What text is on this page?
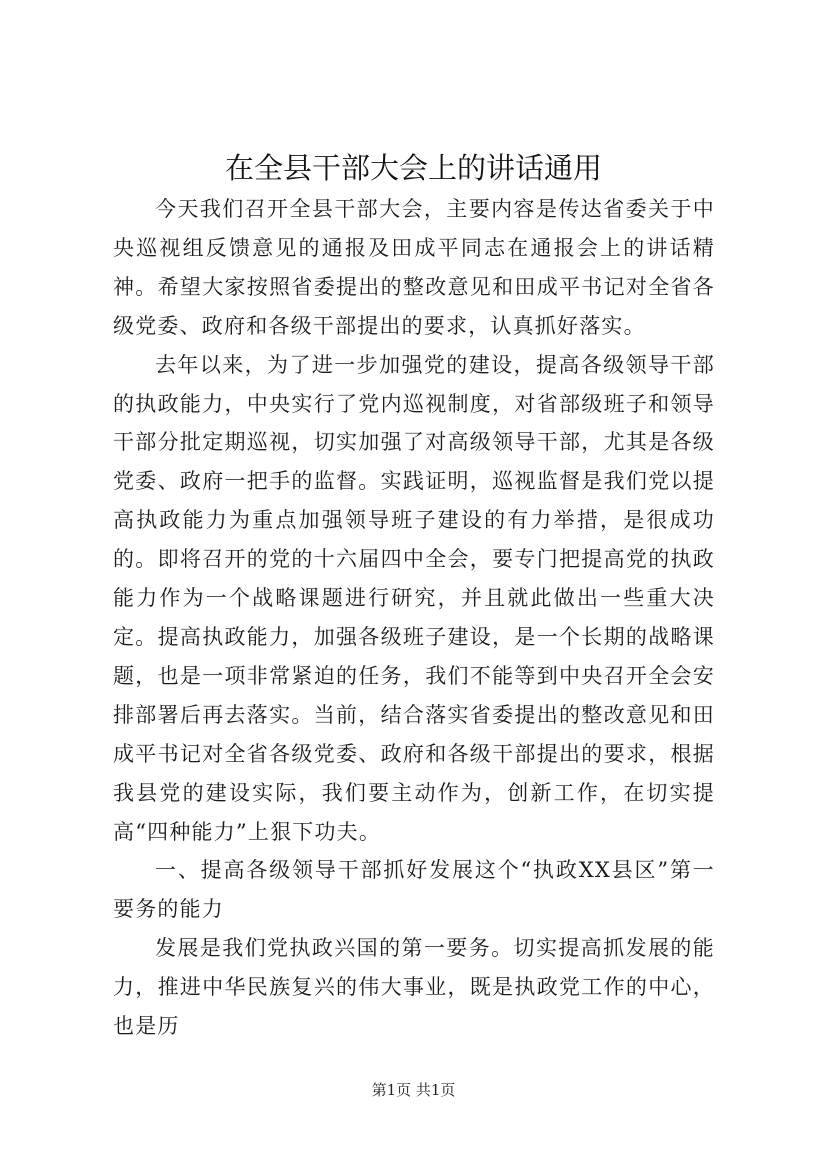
在全县干部大会上的讲话通用

今天我们召开全县干部大会，主要内容是传达省委关于中央巡视组反馈意见的通报及田成平同志在通报会上的讲话精神。希望大家按照省委提出的整改意见和田成平书记对全省各级党委、政府和各级干部提出的要求，认真抓好落实。

去年以来，为了进一步加强党的建设，提高各级领导干部的执政能力，中央实行了党内巡视制度，对省部级班子和领导干部分批定期巡视，切实加强了对高级领导干部，尤其是各级党委、政府一把手的监督。实践证明，巡视监督是我们党以提高执政能力为重点加强领导班子建设的有力举措，是很成功的。即将召开的党的十六届四中全会，要专门把提高党的执政能力作为一个战略课题进行研究，并且就此做出一些重大决定。提高执政能力，加强各级班子建设，是一个长期的战略课题，也是一项非常紧迫的任务，我们不能等到中央召开全会安排部署后再去落实。当前，结合落实省委提出的整改意见和田成平书记对全省各级党委、政府和各级干部提出的要求，根据我县党的建设实际，我们要主动作为，创新工作，在切实提高“四种能力”上狠下功夫。

一、提高各级领导干部抓好发展这个“执政XX县区”第一要务的能力

发展是我们党执政兴国的第一要务。切实提高抓发展的能力，推进中华民族复兴的伟大事业，既是执政党工作的中心，也是历

第1页 共1页
